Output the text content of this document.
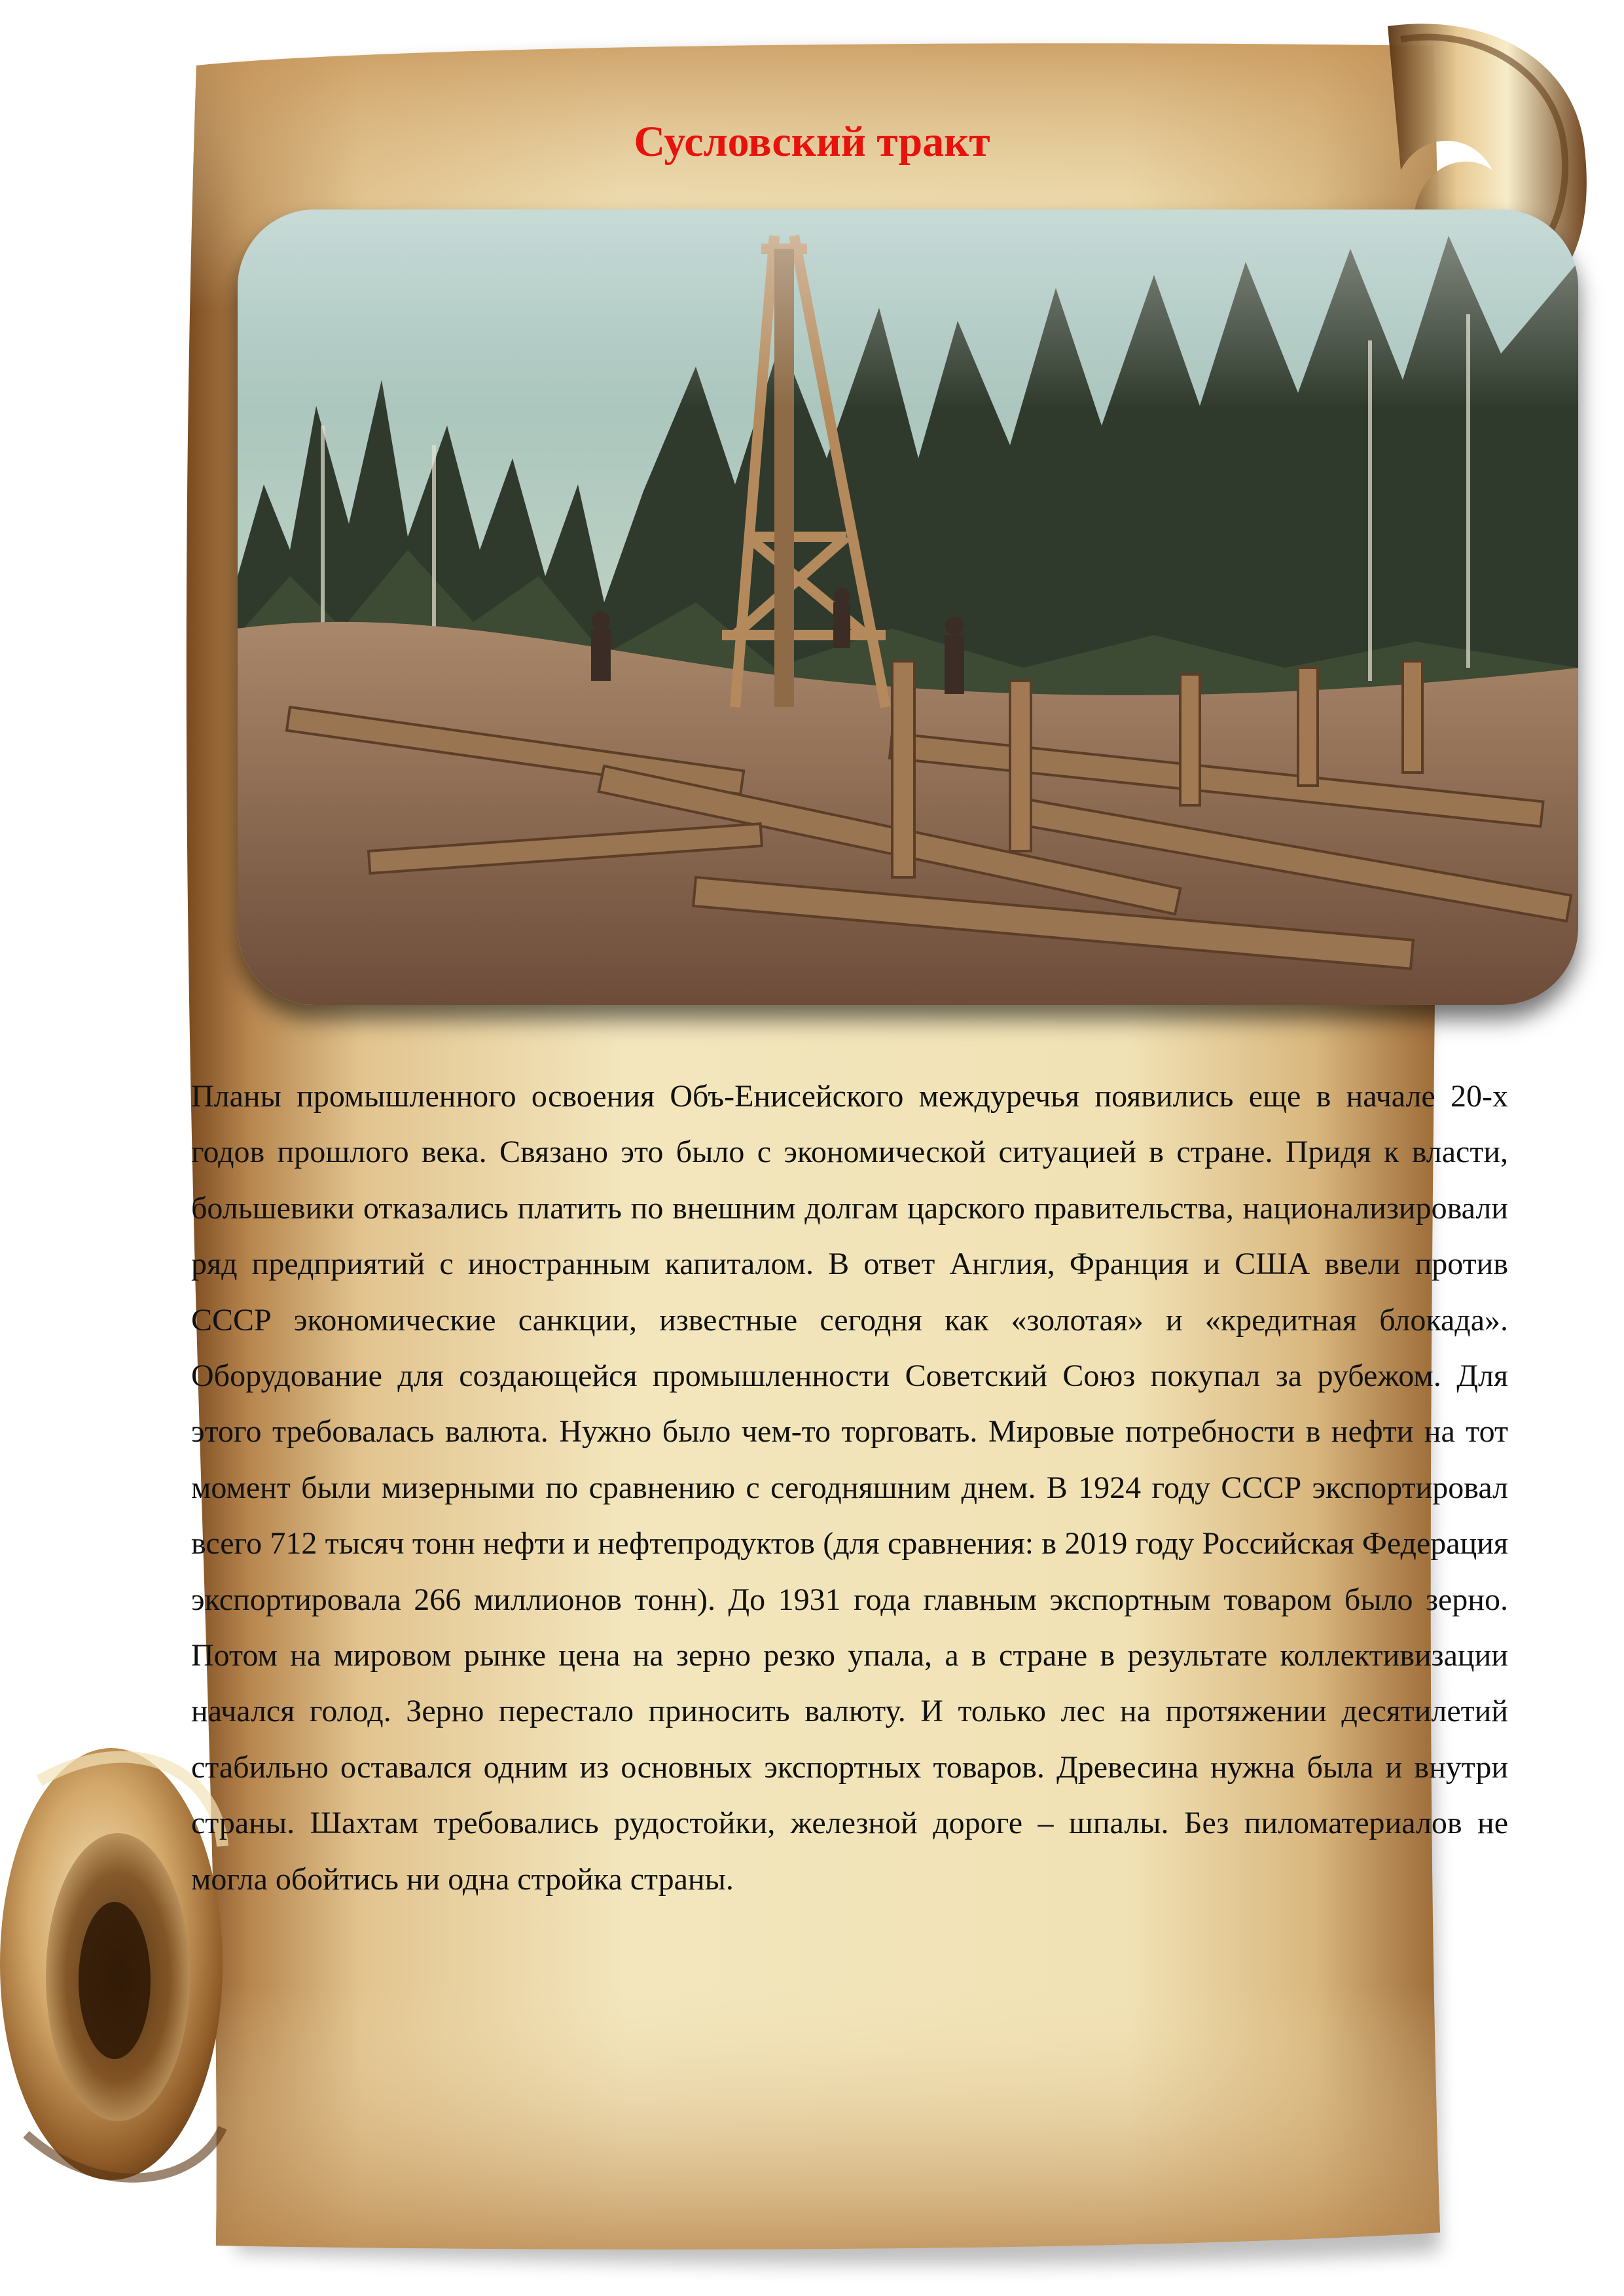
Сусловский тракт

Планы промышленного освоения Объ-Енисейского междуречья появились еще в начале 20-х годов прошлого века. Связано это было с экономической ситуацией в стране. Придя к власти, большевики отказались платить по внешним долгам царского правительства, национализировали ряд предприятий с иностранным капиталом. В ответ Англия, Франция и США ввели против СССР экономические санкции, известные сегодня как «золотая» и «кредитная блокада». Оборудование для создающейся промышленности Советский Союз покупал за рубежом. Для этого требовалась валюта. Нужно было чем-то торговать. Мировые потребности в нефти на тот момент были мизерными по сравнению с сегодняшним днем. В 1924 году СССР экспортировал всего 712 тысяч тонн нефти и нефтепродуктов (для сравнения: в 2019 году Российская Федерация экспортировала 266 миллионов тонн). До 1931 года главным экспортным товаром было зерно. Потом на мировом рынке цена на зерно резко упала, а в стране в результате коллективизации начался голод. Зерно перестало приносить валюту. И только лес на протяжении десятилетий стабильно оставался одним из основных экспортных товаров. Древесина нужна была и внутри страны. Шахтам требовались рудостойки, железной дороге – шпалы. Без пиломатериалов не могла обойтись ни одна стройка страны.
